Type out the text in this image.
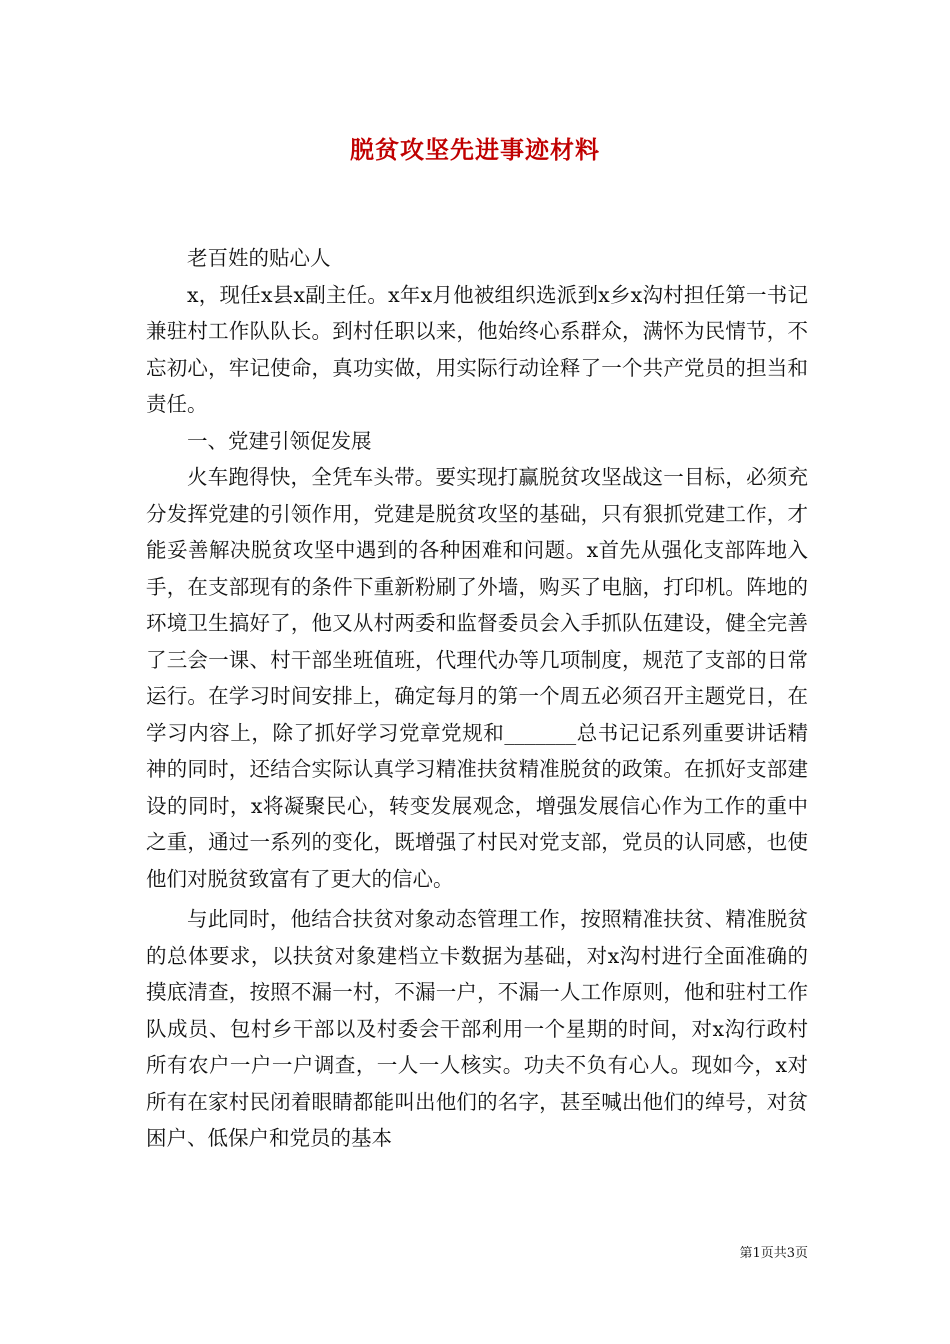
脱贫攻坚先进事迹材料

老百姓的贴心人

x，现任x县x副主任。x年x月他被组织选派到x乡x沟村担任第一书记兼驻村工作队队长。到村任职以来，他始终心系群众，满怀为民情节，不忘初心，牢记使命，真功实做，用实际行动诠释了一个共产党员的担当和责任。

一、党建引领促发展

火车跑得快，全凭车头带。要实现打赢脱贫攻坚战这一目标，必须充分发挥党建的引领作用，党建是脱贫攻坚的基础，只有狠抓党建工作，才能妥善解决脱贫攻坚中遇到的各种困难和问题。x首先从强化支部阵地入手，在支部现有的条件下重新粉刷了外墙，购买了电脑，打印机。阵地的环境卫生搞好了，他又从村两委和监督委员会入手抓队伍建设，健全完善了三会一课、村干部坐班值班，代理代办等几项制度，规范了支部的日常运行。在学习时间安排上，确定每月的第一个周五必须召开主题党日，在学习内容上，除了抓好学习党章党规和_______总书记记系列重要讲话精神的同时，还结合实际认真学习精准扶贫精准脱贫的政策。在抓好支部建设的同时，x将凝聚民心，转变发展观念，增强发展信心作为工作的重中之重，通过一系列的变化，既增强了村民对党支部，党员的认同感，也使他们对脱贫致富有了更大的信心。

与此同时，他结合扶贫对象动态管理工作，按照精准扶贫、精准脱贫的总体要求，以扶贫对象建档立卡数据为基础，对x沟村进行全面准确的摸底清查，按照不漏一村，不漏一户，不漏一人工作原则，他和驻村工作队成员、包村乡干部以及村委会干部利用一个星期的时间，对x沟行政村所有农户一户一户调查，一人一人核实。功夫不负有心人。现如今，x对所有在家村民闭着眼睛都能叫出他们的名字，甚至喊出他们的绰号，对贫困户、低保户和党员的基本

第1页共3页
